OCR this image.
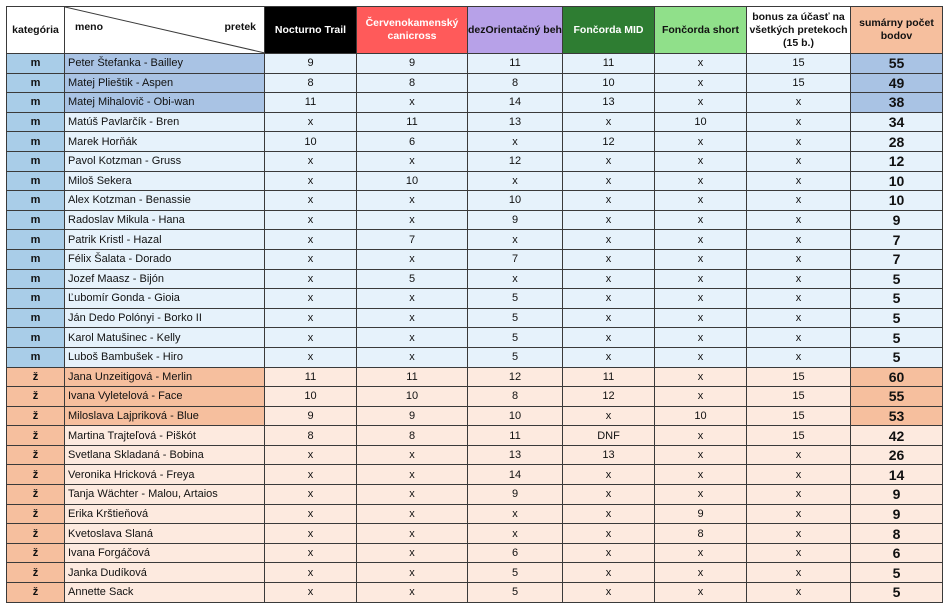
kategória	meno pretek	Nocturno Trail	Červenokamenský canicross	dezOrientačný beh	Fončorda MID	Fončorda short	bonus za účasť na všetkých pretekoch (15 b.)	sumárny počet bodov
m	Peter Štefanka - Bailley	9	9	11	11	x	15	55
m	Matej Plieštik - Aspen	8	8	8	10	x	15	49
m	Matej Mihalovič - Obi-wan	11	x	14	13	x	x	38
m	Matúš Pavlarčík - Bren	x	11	13	x	10	x	34
m	Marek Horňák	10	6	x	12	x	x	28
m	Pavol Kotzman - Gruss	x	x	12	x	x	x	12
m	Miloš Sekera	x	10	x	x	x	x	10
m	Alex Kotzman - Benassie	x	x	10	x	x	x	10
m	Radoslav Mikula - Hana	x	x	9	x	x	x	9
m	Patrik Kristl - Hazal	x	7	x	x	x	x	7
m	Félix Šalata - Dorado	x	x	7	x	x	x	7
m	Jozef Maasz - Bijón	x	5	x	x	x	x	5
m	Ľubomír Gonda - Gioia	x	x	5	x	x	x	5
m	Ján Dedo Polónyi - Borko II	x	x	5	x	x	x	5
m	Karol Matušinec - Kelly	x	x	5	x	x	x	5
m	Luboš Bambušek - Hiro	x	x	5	x	x	x	5
ž	Jana Unzeitigová - Merlin	11	11	12	11	x	15	60
ž	Ivana Vyletelová - Face	10	10	8	12	x	15	55
ž	Miloslava Lajpriková - Blue	9	9	10	x	10	15	53
ž	Martina Trajteľová - Piškót	8	8	11	DNF	x	15	42
ž	Svetlana Skladaná - Bobina	x	x	13	13	x	x	26
ž	Veronika Hricková - Freya	x	x	14	x	x	x	14
ž	Tanja Wächter - Malou, Artaios	x	x	9	x	x	x	9
ž	Erika Krštieňová	x	x	x	x	9	x	9
ž	Kvetoslava Slaná	x	x	x	x	8	x	8
ž	Ivana Forgáčová	x	x	6	x	x	x	6
ž	Janka Dudíková	x	x	5	x	x	x	5
ž	Annette Sack	x	x	5	x	x	x	5
